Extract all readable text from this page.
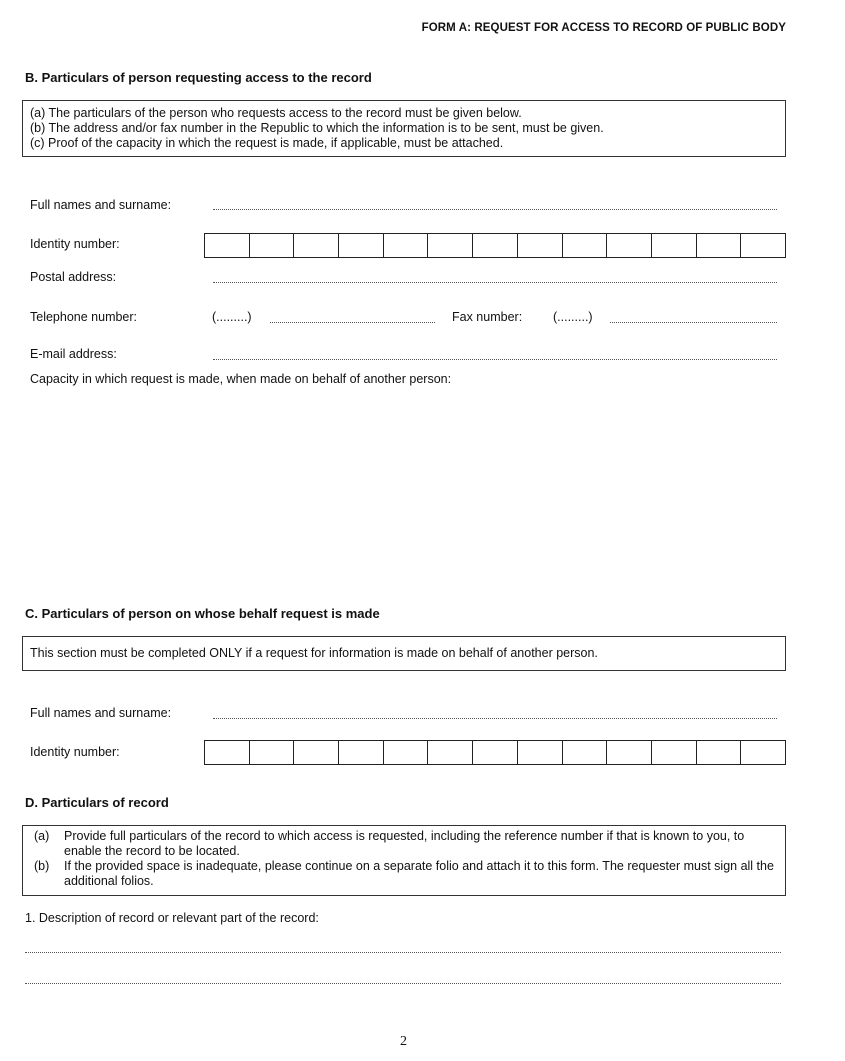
FORM A: REQUEST FOR ACCESS TO RECORD OF PUBLIC BODY
B. Particulars of person requesting access to the record
(a) The particulars of the person who requests access to the record must be given below.
(b) The address and/or fax number in the Republic to which the information is to be sent, must be given.
(c) Proof of the capacity in which the request is made, if applicable, must be attached.
Full names and surname:
Identity number:
Postal address:
Telephone number:	(.........)	Fax number: (.........)
E-mail address:
Capacity in which request is made, when made on behalf of another person:
C. Particulars of person on whose behalf request is made
This section must be completed ONLY if a request for information is made on behalf of another person.
Full names and surname:
Identity number:
D. Particulars of record
(a)	Provide full particulars of the record to which access is requested, including the reference number if that is known to you, to enable the record to be located.
(b)	If the provided space is inadequate, please continue on a separate folio and attach it to this form. The requester must sign all the additional folios.
1. Description of record or relevant part of the record:
2
